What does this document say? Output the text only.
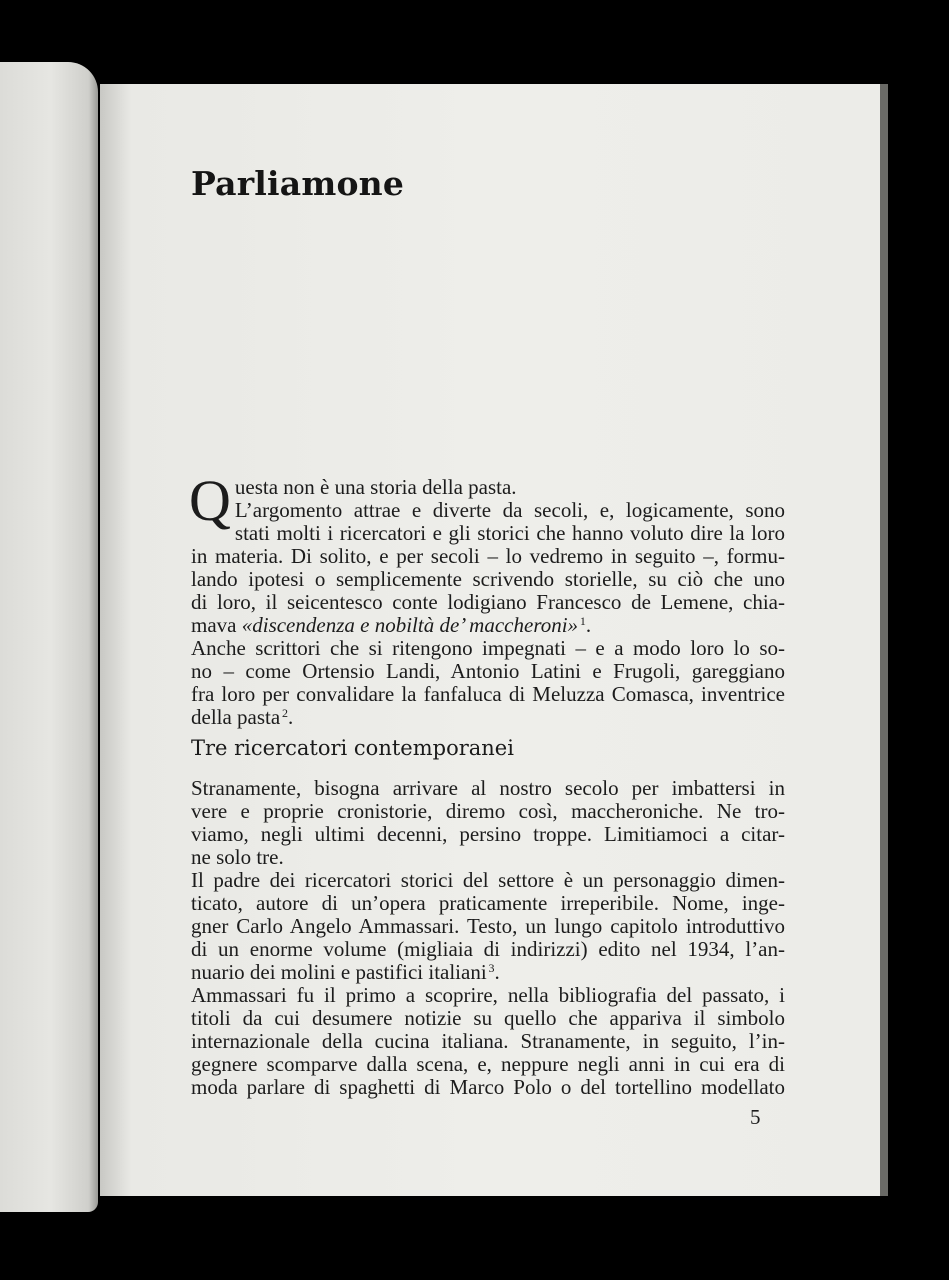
Parliamone
Q uesta non è una storia della pasta.
L’argomento attrae e diverte da secoli, e, logicamente, sono
stati molti i ricercatori e gli storici che hanno voluto dire la loro
in materia. Di solito, e per secoli – lo vedremo in seguito –, formu-
lando ipotesi o semplicemente scrivendo storielle, su ciò che uno
di loro, il seicentesco conte lodigiano Francesco de Lemene, chia-
mava «discendenza e nobiltà de’ maccheroni»  $^1$.
Anche scrittori che si ritengono impegnati – e a modo loro lo so-
no – come Ortensio Landi, Antonio Latini e Frugoli, gareggiano
fra loro per convalidare la fanfaluca di Meluzza Comasca, inventrice
della pasta  $^2$.
Tre ricercatori contemporanei
Stranamente, bisogna arrivare al nostro secolo per imbattersi in
vere e proprie cronistorie, diremo così, maccheroniche. Ne tro-
viamo, negli ultimi decenni, persino troppe. Limitiamoci a citar-
ne solo tre.
Il padre dei ricercatori storici del settore è un personaggio dimen-
ticato, autore di un’opera praticamente irreperibile. Nome, inge-
gner Carlo Angelo Ammassari. Testo, un lungo capitolo introduttivo
di un enorme volume (migliaia di indirizzi) edito nel 1934, l’an-
nuario dei molini e pastifici italiani  $^3$.
Ammassari fu il primo a scoprire, nella bibliografia del passato, i
titoli da cui desumere notizie su quello che appariva il simbolo
internazionale della cucina italiana. Stranamente, in seguito, l’in-
gegnere scomparve dalla scena, e, neppure negli anni in cui era di
moda parlare di spaghetti di Marco Polo o del tortellino modellato
5
